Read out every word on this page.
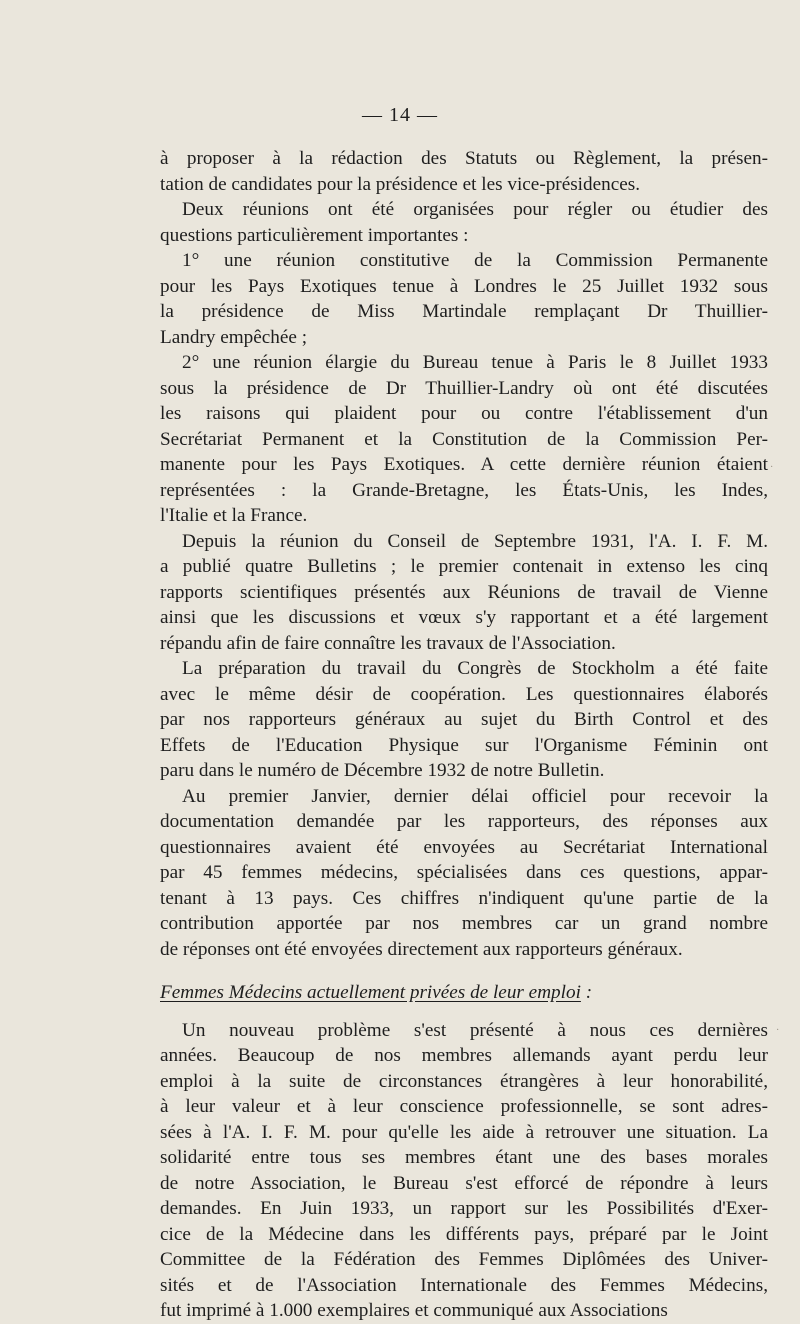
— 14 —
à proposer à la rédaction des Statuts ou Règlement, la présen-
tation de candidates pour la présidence et les vice-présidences.
Deux réunions ont été organisées pour régler ou étudier des
questions particulièrement importantes :
1° une réunion constitutive de la Commission Permanente
pour les Pays Exotiques tenue à Londres le 25 Juillet 1932 sous
la présidence de Miss Martindale remplaçant Dr Thuillier-
Landry empêchée ;
2° une réunion élargie du Bureau tenue à Paris le 8 Juillet 1933
sous la présidence de Dr Thuillier-Landry où ont été discutées
les raisons qui plaident pour ou contre l'établissement d'un
Secrétariat Permanent et la Constitution de la Commission Per-
manente pour les Pays Exotiques. A cette dernière réunion étaient
représentées : la Grande-Bretagne, les États-Unis, les Indes,
l'Italie et la France.
Depuis la réunion du Conseil de Septembre 1931, l'A. I. F. M.
a publié quatre Bulletins ; le premier contenait in extenso les cinq
rapports scientifiques présentés aux Réunions de travail de Vienne
ainsi que les discussions et vœux s'y rapportant et a été largement
répandu afin de faire connaître les travaux de l'Association.
La préparation du travail du Congrès de Stockholm a été faite
avec le même désir de coopération. Les questionnaires élaborés
par nos rapporteurs généraux au sujet du Birth Control et des
Effets de l'Education Physique sur l'Organisme Féminin ont
paru dans le numéro de Décembre 1932 de notre Bulletin.
Au premier Janvier, dernier délai officiel pour recevoir la
documentation demandée par les rapporteurs, des réponses aux
questionnaires avaient été envoyées au Secrétariat International
par 45 femmes médecins, spécialisées dans ces questions, appar-
tenant à 13 pays. Ces chiffres n'indiquent qu'une partie de la
contribution apportée par nos membres car un grand nombre
de réponses ont été envoyées directement aux rapporteurs généraux.
Femmes Médecins actuellement privées de leur emploi :
Un nouveau problème s'est présenté à nous ces dernières
années. Beaucoup de nos membres allemands ayant perdu leur
emploi à la suite de circonstances étrangères à leur honorabilité,
à leur valeur et à leur conscience professionnelle, se sont adres-
sées à l'A. I. F. M. pour qu'elle les aide à retrouver une situation. La
solidarité entre tous ses membres étant une des bases morales
de notre Association, le Bureau s'est efforcé de répondre à leurs
demandes. En Juin 1933, un rapport sur les Possibilités d'Exer-
cice de la Médecine dans les différents pays, préparé par le Joint
Committee de la Fédération des Femmes Diplômées des Univer-
sités et de l'Association Internationale des Femmes Médecins,
fut imprimé à 1.000 exemplaires et communiqué aux Associations
·
·
